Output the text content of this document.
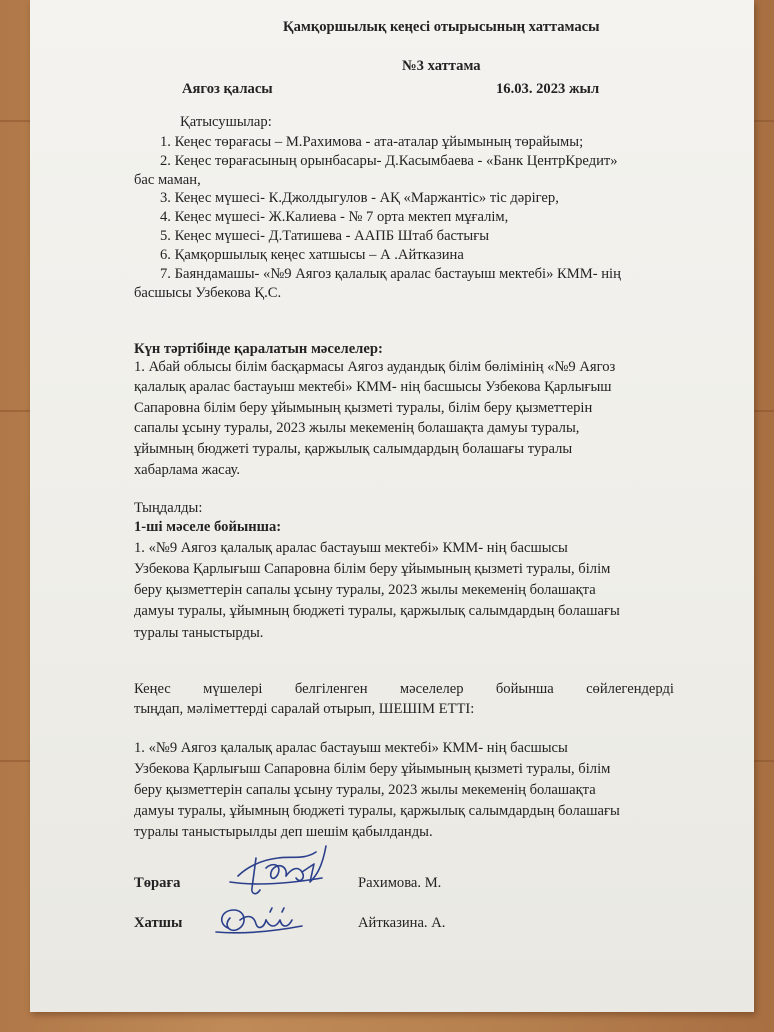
Қамқоршылық кеңесі отырысының хаттамасы
№3 хаттама
Аягоз қаласы	16.03. 2023 жыл
Қатысушылар:
1. Кеңес төрағасы – М.Рахимова - ата-аталар ұйымының төрайымы;
2. Кеңес төрағасының орынбасары- Д.Касымбаева - «Банк ЦентрКредит»
бас маман,
3. Кеңес мүшесі- К.Джолдыгулов - АҚ «Маржантіс» тіс дәрігер,
4. Кеңес мүшесі- Ж.Калиева - № 7 орта мектеп мұғалім,
5. Кеңес мүшесі- Д.Татишева - ААПБ Штаб бастығы
6. Қамқоршылық кеңес хатшысы – А .Айтказина
7. Баяндамашы- «№9 Аягоз қалалық аралас бастауыш мектебі» КММ- нің
басшысы Узбекова Қ.С.
Күн тәртібінде қаралатын мәселелер:
1. Абай облысы білім басқармасы Аягоз аудандық білім бөлімінің «№9 Аягоз
қалалық аралас бастауыш мектебі» КММ- нің басшысы Узбекова Қарлығыш
Сапаровна білім беру ұйымының қызметі туралы, білім беру қызметтерін
сапалы ұсыну туралы, 2023 жылы мекеменің болашақта дамуы туралы,
ұйымның бюджеті туралы, қаржылық салымдардың болашағы туралы
хабарлама жасау.
Тыңдалды:
1-ші мәселе бойынша:
1. «№9 Аягоз қалалық аралас бастауыш мектебі» КММ- нің басшысы
Узбекова Қарлығыш Сапаровна білім беру ұйымының қызметі туралы, білім
беру қызметтерін сапалы ұсыну туралы, 2023 жылы мекеменің болашақта
дамуы туралы, ұйымның бюджеті туралы, қаржылық салымдардың болашағы
туралы таныстырды.
Кеңес мүшелері белгіленген мәселелер бойынша сөйлегендерді
тыңдап, мәліметтерді саралай отырып, ШЕШІМ ЕТТІ:
1. «№9 Аягоз қалалық аралас бастауыш мектебі» КММ- нің басшысы
Узбекова Қарлығыш Сапаровна білім беру ұйымының қызметі туралы, білім
беру қызметтерін сапалы ұсыну туралы, 2023 жылы мекеменің болашақта
дамуы туралы, ұйымның бюджеті туралы, қаржылық салымдардың болашағы
туралы таныстырылды деп шешім қабылданды.
Төраға	Рахимова. М.
Хатшы	Айтказина. А.
